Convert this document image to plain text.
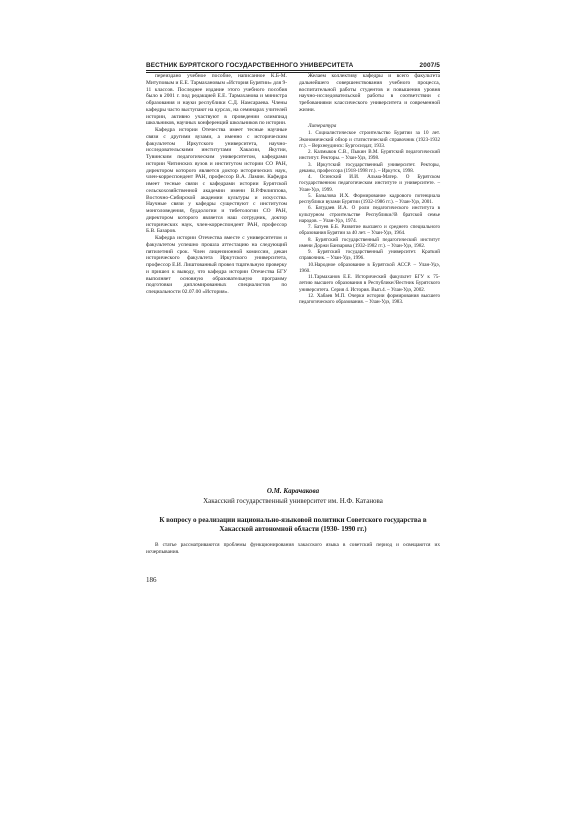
ВЕСТНИК БУРЯТСКОГО ГОСУДАРСТВЕННОГО УНИВЕРСИТЕТА	2007/5

переиздано учебное пособие, написанное К.Б-М. Митуповым и Е.Е. Тармахановым «История Бурятии» для 9-11 классов. Последнее издание этого учебного пособия было в 2001 г. под редакцией Е.Е. Тармаханова и министра образования и науки республики С.Д. Намсараева. Члены кафедры часто выступают на курсах, на семинарах учителей истории, активно участвуют в проведении олимпиад школьников, научных конференций школьников по истории.

Кафедра истории Отечества имеет тесные научные связи с другими вузами, а именно с историческим факультетом Иркутского университета, научно-исследовательскими институтами Хакасии, Якутии, Тувинским педагогическим университетом, кафедрами истории Читинских вузов и институтом истории СО РАН, директором которого является доктор исторических наук, член-корреспондент РАН, профессор В.А. Ламин. Кафедра имеет тесные связи с кафедрами истории Бурятской сельскохозяйственной академии имени В.Р.Филиппова, Восточно-Сибирской академии культуры и искусства. Научные связи у кафедры существуют с институтом монголоведения, буддологии и тибетологии СО РАН, директором которого является наш сотрудник, доктор исторических наук, член-корреспондент РАН, профессор Б.В. Базаров.

Кафедра истории Отечества вместе с университетом и факультетом успешно прошла аттестацию на следующий пятилетний срок. Член лицензионной комиссии, декан исторического факультета Иркутского университета, профессор Е.И. Лиштованный провел тщательную проверку и пришел к выводу, что кафедра истории Отечества БГУ выполняет основную образовательную программу подготовки дипломированных специалистов по специальности 02.07.00 «История».

Желаем коллективу кафедры и всего факультета дальнейшего совершенствования учебного процесса, воспитательной работы студентов и повышения уровня научно-исследовательской работы в соответствии с требованиями классического университета и современной жизни.

Литература
1. Социалистическое строительство Бурятии за 10 лет. Экономический обзор и статистический справочник (1923-1932 гг.). – Верхнеудинск: Бургосиздат, 1933.
2. Калмыков С.В., Пыкин В.М. Бурятский педагогический институт. Ректоры. – Улан-Удэ, 1998.
3. Иркутский государственный университет. Ректоры, деканы, профессора (1918-1998 гг.). – Иркутск, 1998.
4. Осинский И.И. Альма-Матер. О Бурятском государственном педагогическом институте и университете. – Улан-Удэ, 1999.
5. Базылова И.Х. Формирование кадрового потенциала республики вузами Бурятии (1932-1986 гг.). – Улан-Удэ, 2001.
6. Батудаев И.А. О роли педагогического института в культурном строительстве Республики//В братской семье народов. – Улан-Удэ, 1974.
7. Батуев Б.Б. Развитие высшего и среднего специального образования Бурятии за 40 лет. – Улан-Удэ, 1964.
8. Бурятский государственный педагогический институт имени Доржи Банзарова (1932-1982 гг.). – Улан-Удэ, 1982.
9. Бурятский государственный университет. Краткий справочник. – Улан-Удэ, 1996.
10.Народное образование в Бурятской АССР. – Улан-Удэ, 1960.
11.Тармаханов Е.Е. Исторический факультет БГУ к 75-летию высшего образования в Республике//Вестник Бурятского университета. Серия 4. История. Вып.4. – Улан-Удэ, 2002.
12. Хабаев М.П. Очерки истории формирования высшего педагогического образования. – Улан-Удэ, 1983.
О.М. Карачакова
Хакасский государственный университет им. Н.Ф. Катанова
К вопросу о реализации национально-языковой политики Советского государства в Хакасской автономной области (1930- 1990 гг.)
В статье рассматриваются проблемы функционирования хакасского языка в советский период и освещаются их исчерпывания.
186
